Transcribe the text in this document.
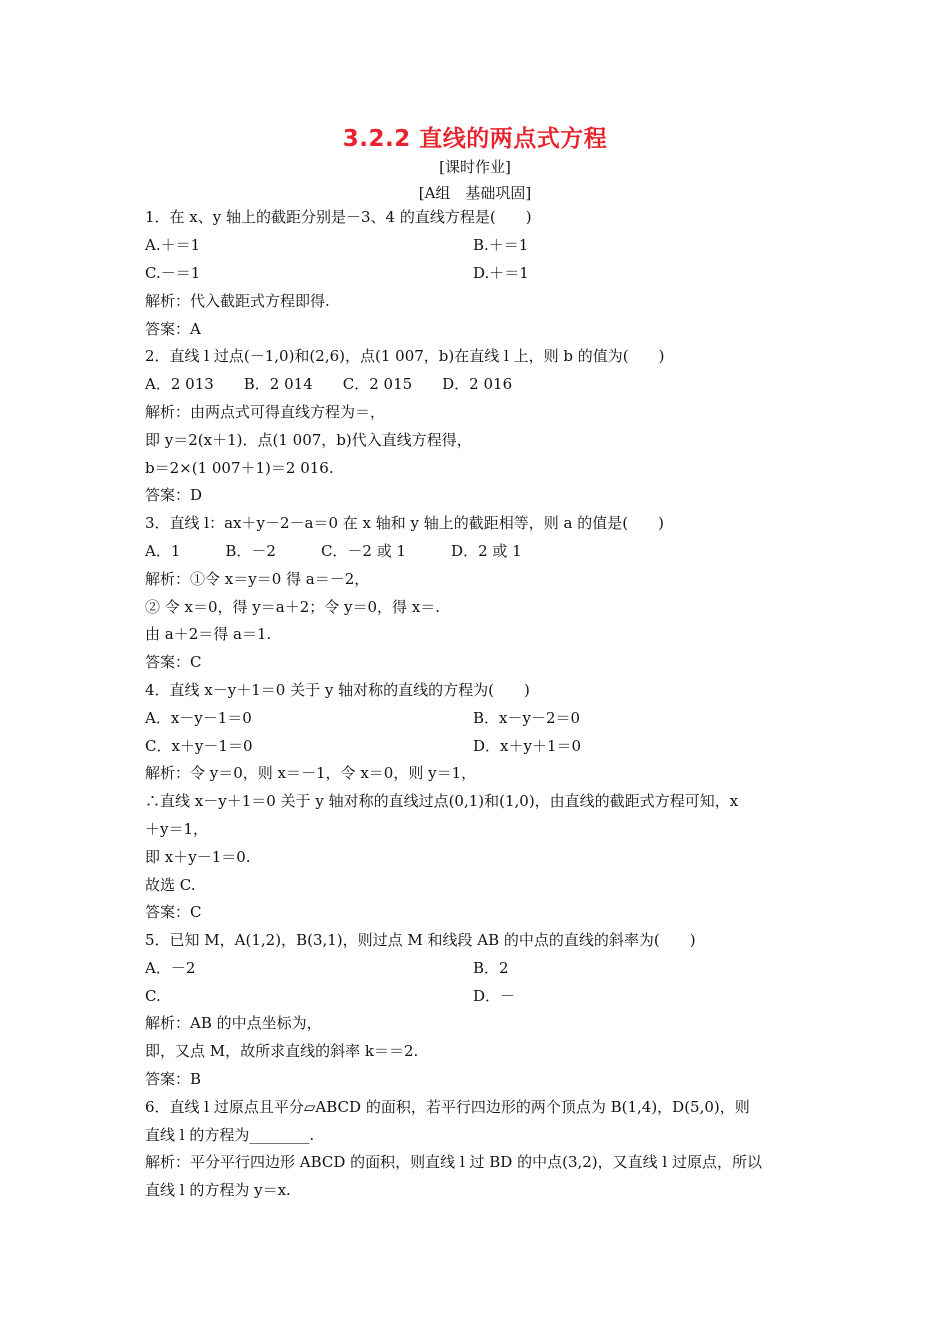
3.2.2 直线的两点式方程
[课时作业]
[A组　基础巩固]
1．在 x、y 轴上的截距分别是－3、4 的直线方程是(　　)
A.＋＝1	B.＋＝1
C.－＝1	D.＋＝1
解析：代入截距式方程即得.
答案：A
2．直线 l 过点(－1,0)和(2,6)，点(1 007，b)在直线 l 上，则 b 的值为(　　)
A．2 013　　B．2 014　　C．2 015　　D．2 016
解析：由两点式可得直线方程为＝，
即 y＝2(x＋1)．点(1 007，b)代入直线方程得，
b＝2×(1 007＋1)＝2 016.
答案：D
3．直线 l：ax＋y－2－a＝0 在 x 轴和 y 轴上的截距相等，则 a 的值是(　　)
A．1　　　B．－2　　　C．－2 或 1　　　D．2 或 1
解析：①令 x＝y＝0 得 a＝－2，
② 令 x＝0，得 y＝a＋2；令 y＝0，得 x＝.
由 a＋2＝得 a＝1.
答案：C
4．直线 x－y＋1＝0 关于 y 轴对称的直线的方程为(　　)
A．x－y－1＝0	B．x－y－2＝0
C．x＋y－1＝0	D．x＋y＋1＝0
解析：令 y＝0，则 x＝－1，令 x＝0，则 y＝1，
∴直线 x－y＋1＝0 关于 y 轴对称的直线过点(0,1)和(1,0)，由直线的截距式方程可知，x
＋y＝1，
即 x＋y－1＝0.
故选 C.
答案：C
5．已知 M，A(1,2)，B(3,1)，则过点 M 和线段 AB 的中点的直线的斜率为(　　)
A．－2	B．2
C.	D．－
解析：AB 的中点坐标为，
即，又点 M，故所求直线的斜率 k＝＝2.
答案：B
6．直线 l 过原点且平分▱ABCD 的面积，若平行四边形的两个顶点为 B(1,4)，D(5,0)，则
直线 l 的方程为________.
解析：平分平行四边形 ABCD 的面积，则直线 l 过 BD 的中点(3,2)，又直线 l 过原点，所以
直线 l 的方程为 y＝x.
